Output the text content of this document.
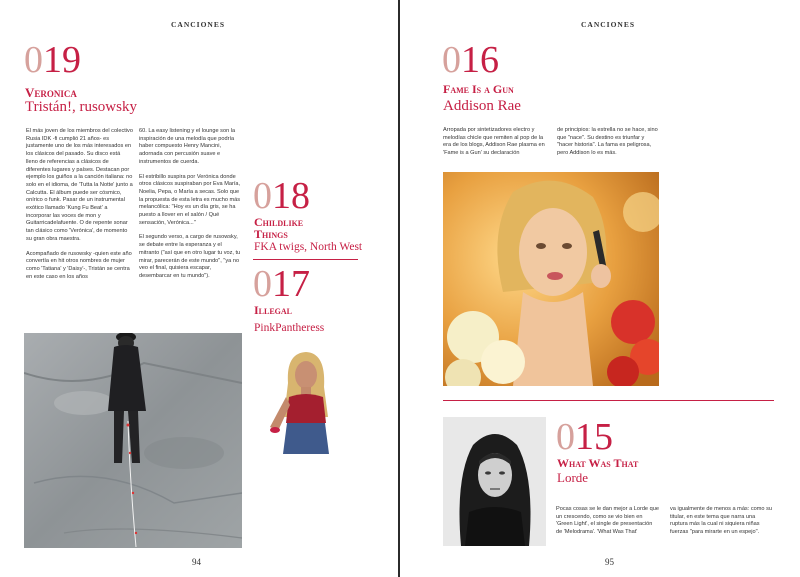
CANCIONES
019
Veronica
Tristán!, rusowsky

El más joven de los miembros del colectivo Rusia IDK -fi cumplió 21 años- es justamente uno de los más interesados en los clásicos del pasado. Su disco está lleno de referencias a clásicos de diferentes lugares y países. Destacan por ejemplo los guiños a la canción italiana: no solo en el idioma, de 'Tutta la Notte' junto a Calcutta. El álbum puede ser cósmico, onírico o funk. Pasar de un instrumental exótico llamado 'Kung Fu Beat' a incorporar las voces de mon y Guitarricadelafuente. O de repente sonar tan clásico como 'Verónica', de momento su gran obra maestra.

Acompañado de rusowsky -quien este año convertía en hit otros nombres de mujer como 'Tatiana' y 'Daisy'-, Tristán se centra en este caso en los años

60. La easy listening y el lounge son la inspiración de una melodía que podría haber compuesto Henry Mancini, adornada con percusión suave e instrumentos de cuerda.

El estribillo suspira por Verónica donde otros clásicos suspiraban por Eva María, Noelia, Pepa, o María a secas. Solo que la propuesta de esta letra es mucho más melancólica: "Hoy es un día gris, se ha puesto a llover en el salón / Qué sensación, Verónica..."

El segundo verso, a cargo de rusowsky, se debate entre la esperanza y el mitranto ("así que en otro lugar tu voz, tu mirar, parecerán de este mundo", "ya no veo el final, quisiera escapar, desembarcar en tu mundo").

018
Childlike
Things
FKA twigs, North West
017
Illegal
PinkPantheress
94
CANCIONES
016
Fame Is a Gun
Addison Rae

Arropada por sintetizadores electro y melodías chicle que remiten al pop de la era de los blogs, Addison Rae plasma en 'Fame is a Gun' su declaración

de principios: la estrella no se hace, sino que "nace". Su destino es triunfar y "hacer historia". La fama es peligrosa, pero Addison lo es más.

015
What Was That
Lorde

Pocas cosas se le dan mejor a Lorde que un crescendo, como se vio bien en 'Green Light', el single de presentación de 'Melodrama'. 'What Was That'

va igualmente de menos a más: como su titular, en este tema que narra una ruptura más la cual ni siquiera niñas fuerzas "para mirarte en un espejo".

95
